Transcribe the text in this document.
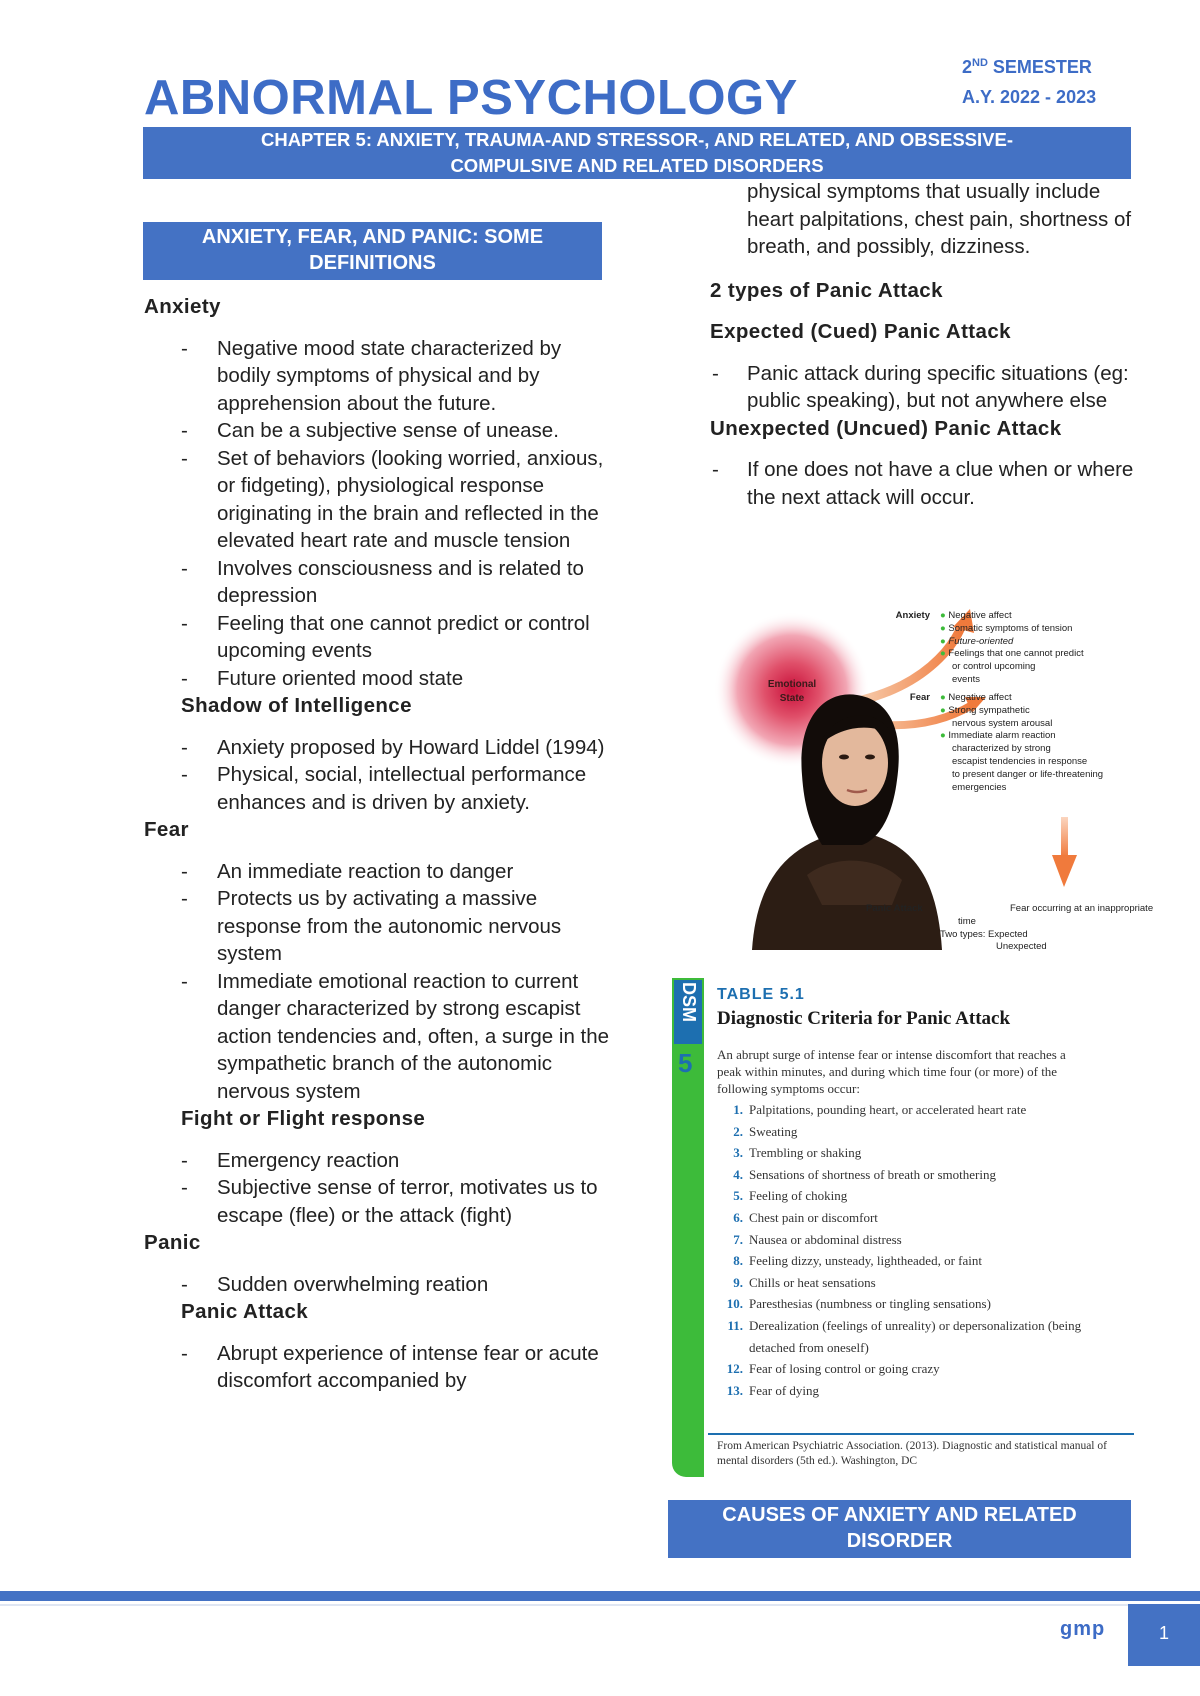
ABNORMAL PSYCHOLOGY
2ND SEMESTER
A.Y. 2022 - 2023
CHAPTER 5: ANXIETY, TRAUMA-AND STRESSOR-, AND RELATED, AND OBSESSIVE-
COMPULSIVE AND RELATED DISORDERS
ANXIETY, FEAR, AND PANIC: SOME
DEFINITIONS
Anxiety
- Negative mood state characterized by bodily symptoms of physical and by apprehension about the future.
- Can be a subjective sense of unease.
- Set of behaviors (looking worried, anxious, or fidgeting), physiological response originating in the brain and reflected in the elevated heart rate and muscle tension
- Involves consciousness and is related to depression
- Feeling that one cannot predict or control upcoming events
- Future oriented mood state
Shadow of Intelligence
- Anxiety proposed by Howard Liddel (1994)
- Physical, social, intellectual performance enhances and is driven by anxiety.
Fear
- An immediate reaction to danger
- Protects us by activating a massive response from the autonomic nervous system
- Immediate emotional reaction to current danger characterized by strong escapist action tendencies and, often, a surge in the sympathetic branch of the autonomic nervous system
Fight or Flight response
- Emergency reaction
- Subjective sense of terror, motivates us to escape (flee) or the attack (fight)
Panic
- Sudden overwhelming reation
Panic Attack
- Abrupt experience of intense fear or acute discomfort accompanied by
physical symptoms that usually include heart palpitations, chest pain, shortness of breath, and possibly, dizziness.
2 types of Panic Attack
Expected (Cued) Panic Attack
- Panic attack during specific situations (eg: public speaking), but not anywhere else
Unexpected (Uncued) Panic Attack
- If one does not have a clue when or where the next attack will occur.
Emotional
State
Anxiety ● Negative affect
● Somatic symptoms of tension
● Future-oriented
● Feelings that one cannot predict
or control upcoming
events
Fear ● Negative affect
● Strong sympathetic
nervous system arousal
● Immediate alarm reaction
characterized by strong
escapist tendencies in response
to present danger or life-threatening
emergencies
Panic Attack	Fear occurring at an inappropriate
time
Two types: Expected
Unexpected
DSM
5
TABLE 5.1
Diagnostic Criteria for Panic Attack
An abrupt surge of intense fear or intense discomfort that reaches a
peak within minutes, and during which time four (or more) of the
following symptoms occur:
1. Palpitations, pounding heart, or accelerated heart rate
2. Sweating
3. Trembling or shaking
4. Sensations of shortness of breath or smothering
5. Feeling of choking
6. Chest pain or discomfort
7. Nausea or abdominal distress
8. Feeling dizzy, unsteady, lightheaded, or faint
9. Chills or heat sensations
10. Paresthesias (numbness or tingling sensations)
11. Derealization (feelings of unreality) or depersonalization (being
detached from oneself)
12. Fear of losing control or going crazy
13. Fear of dying
From American Psychiatric Association. (2013). Diagnostic and statistical manual of
mental disorders (5th ed.). Washington, DC
CAUSES OF ANXIETY AND RELATED
DISORDER
gmp	1
